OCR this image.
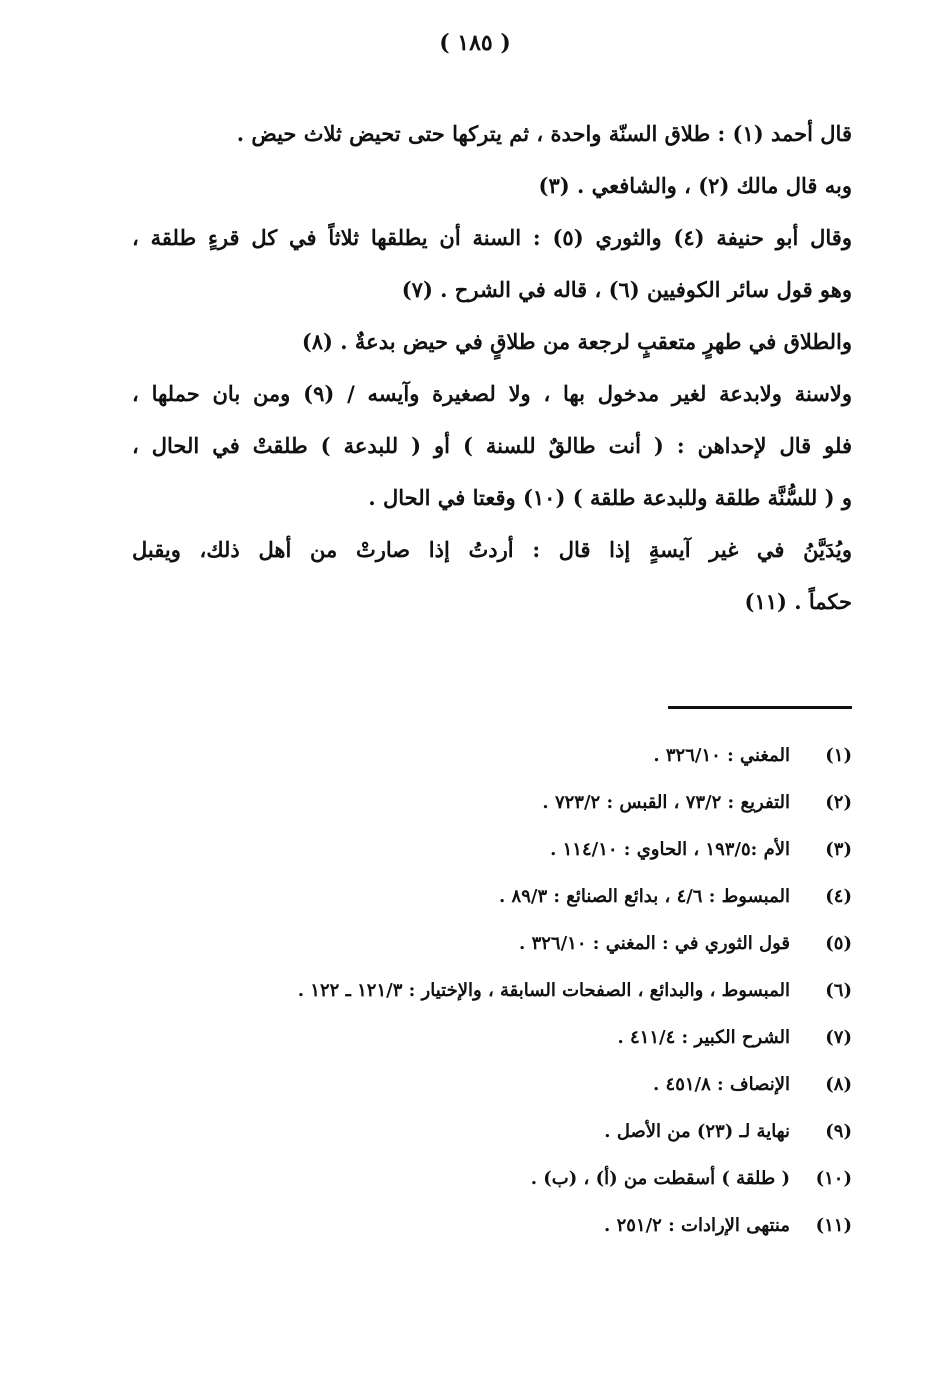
( ١٨٥ )
قال أحمد (١) : طلاق السنّة واحدة ، ثم يتركها حتى تحيض ثلاث حيض .
وبه قال مالك (٢) ، والشافعي . (٣)
وقال أبو حنيفة (٤) والثوري (٥) : السنة أن يطلقها ثلاثاً في كل قرءٍ طلقة ،
وهو قول سائر الكوفيين (٦) ، قاله في الشرح . (٧)
والطلاق في طهرٍ متعقبٍ لرجعة من طلاقٍ في حيض بدعةٌ . (٨)
ولاسنة ولابدعة لغير مدخول بها ، ولا لصغيرة وآيسه / (٩) ومن بان حملها ،
فلو قال لإحداهن : ( أنت طالقٌ للسنة ) أو ( للبدعة ) طلقتْ في الحال ،
و ( للسُّنَّة طلقة وللبدعة طلقة ) (١٠) وقعتا في الحال .
ويُدَيَّنُ في غير آيسةٍ إذا قال : أردتُ إذا صارتْ من أهل ذلك، ويقبل
حكماً . (١١)
(١)
المغني : ٣٢٦/١٠ .
(٢)
التفريع : ٧٣/٢ ، القبس : ٧٢٣/٢ .
(٣)
الأم :١٩٣/٥ ، الحاوي : ١١٤/١٠ .
(٤)
المبسوط : ٤/٦ ، بدائع الصنائع : ٨٩/٣ .
(٥)
قول الثوري في : المغني : ٣٢٦/١٠ .
(٦)
المبسوط ، والبدائع ، الصفحات السابقة ، والإختيار : ١٢١/٣ ـ ١٢٢ .
(٧)
الشرح الكبير : ٤١١/٤ .
(٨)
الإنصاف : ٤٥١/٨ .
(٩)
نهاية لـ (٢٣) من الأصل .
(١٠)
( طلقة ) أسقطت من (أ) ، (ب) .
(١١)
منتهى الإرادات : ٢٥١/٢ .
